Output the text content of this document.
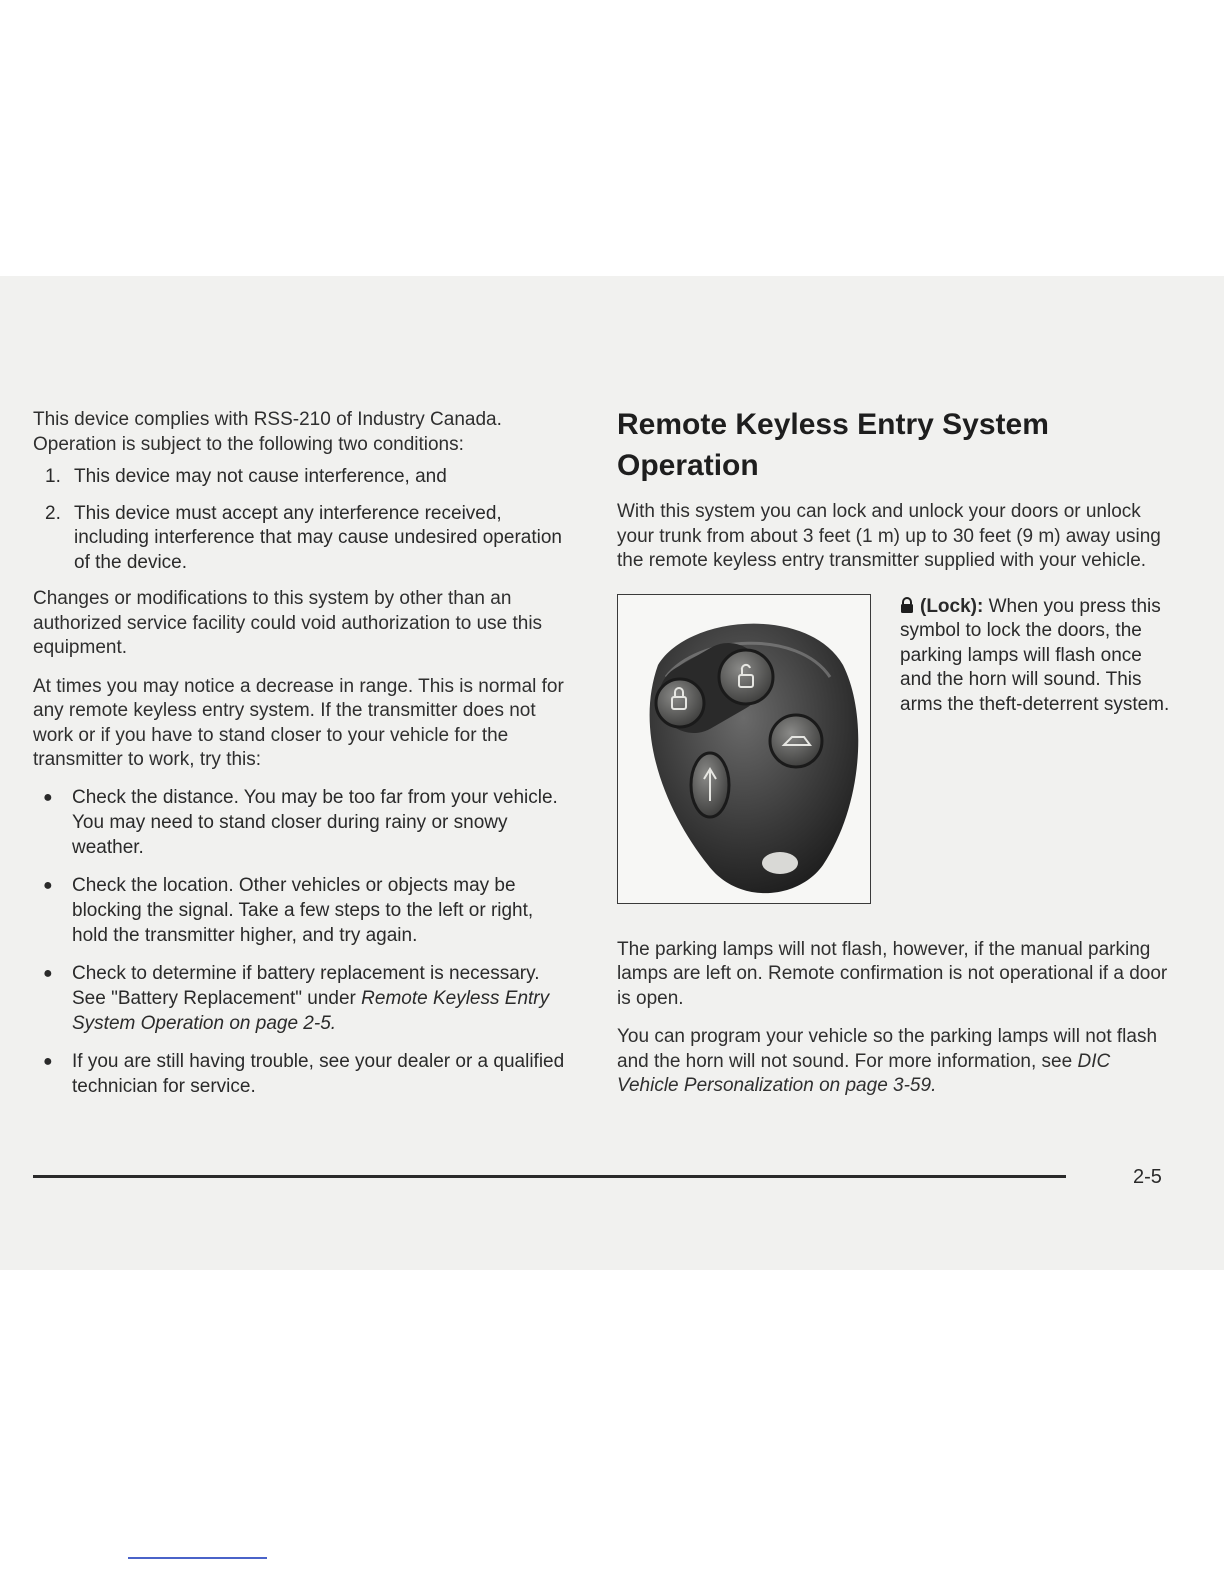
This device complies with RSS-210 of Industry Canada. Operation is subject to the following two conditions:

1. This device may not cause interference, and
2. This device must accept any interference received, including interference that may cause undesired operation of the device.

Changes or modifications to this system by other than an authorized service facility could void authorization to use this equipment.

At times you may notice a decrease in range. This is normal for any remote keyless entry system. If the transmitter does not work or if you have to stand closer to your vehicle for the transmitter to work, try this:

● Check the distance. You may be too far from your vehicle. You may need to stand closer during rainy or snowy weather.
● Check the location. Other vehicles or objects may be blocking the signal. Take a few steps to the left or right, hold the transmitter higher, and try again.
● Check to determine if battery replacement is necessary. See "Battery Replacement" under Remote Keyless Entry System Operation on page 2-5.
● If you are still having trouble, see your dealer or a qualified technician for service.
Remote Keyless Entry System Operation

With this system you can lock and unlock your doors or unlock your trunk from about 3 feet (1 m) up to 30 feet (9 m) away using the remote keyless entry transmitter supplied with your vehicle.

(Lock): When you press this symbol to lock the doors, the parking lamps will flash once and the horn will sound. This arms the theft-deterrent system.

The parking lamps will not flash, however, if the manual parking lamps are left on. Remote confirmation is not operational if a door is open.

You can program your vehicle so the parking lamps will not flash and the horn will not sound. For more information, see DIC Vehicle Personalization on page 3-59.

2-5
